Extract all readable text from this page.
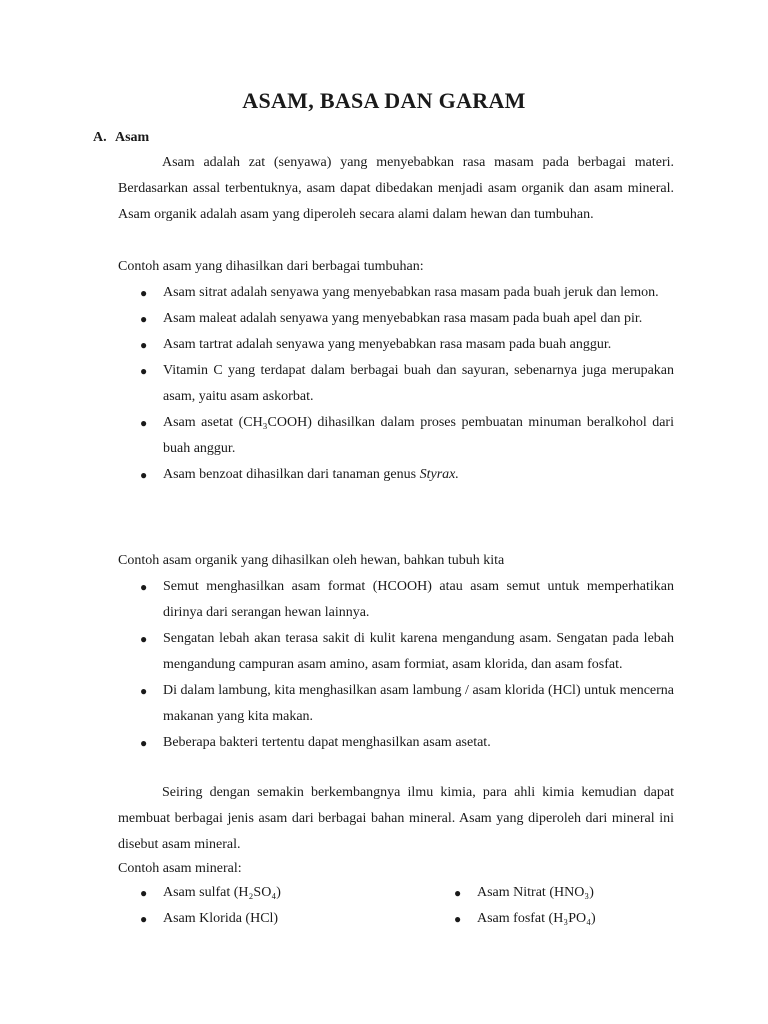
ASAM, BASA DAN GARAM
A. Asam

Asam adalah zat (senyawa) yang menyebabkan rasa masam pada berbagai materi. Berdasarkan assal terbentuknya, asam dapat dibedakan menjadi asam organik dan asam mineral. Asam organik adalah asam yang diperoleh secara alami dalam hewan dan tumbuhan.

Contoh asam yang dihasilkan dari berbagai tumbuhan:

● Asam sitrat adalah senyawa yang menyebabkan rasa masam pada buah jeruk dan lemon.
● Asam maleat adalah senyawa yang menyebabkan rasa masam pada buah apel dan pir.
● Asam tartrat adalah senyawa yang menyebabkan rasa masam pada buah anggur.
● Vitamin C yang terdapat dalam berbagai buah dan sayuran, sebenarnya juga merupakan asam, yaitu asam askorbat.
● Asam asetat (CH₃COOH) dihasilkan dalam proses pembuatan minuman beralkohol dari buah anggur.
● Asam benzoat dihasilkan dari tanaman genus Styrax.

Contoh asam organik yang dihasilkan oleh hewan, bahkan tubuh kita

● Semut menghasilkan asam format (HCOOH) atau asam semut untuk memperhatikan dirinya dari serangan hewan lainnya.
● Sengatan lebah akan terasa sakit di kulit karena mengandung asam. Sengatan pada lebah mengandung campuran asam amino, asam formiat, asam klorida, dan asam fosfat.
● Di dalam lambung, kita menghasilkan asam lambung / asam klorida (HCl) untuk mencerna makanan yang kita makan.
● Beberapa bakteri tertentu dapat menghasilkan asam asetat.

Seiring dengan semakin berkembangnya ilmu kimia, para ahli kimia kemudian dapat membuat berbagai jenis asam dari berbagai bahan mineral. Asam yang diperoleh dari mineral ini disebut asam mineral.

Contoh asam mineral:

● Asam sulfat (H₂SO₄)
● Asam Klorida (HCl)
● Asam Nitrat (HNO₃)
● Asam fosfat (H₃PO₄)
